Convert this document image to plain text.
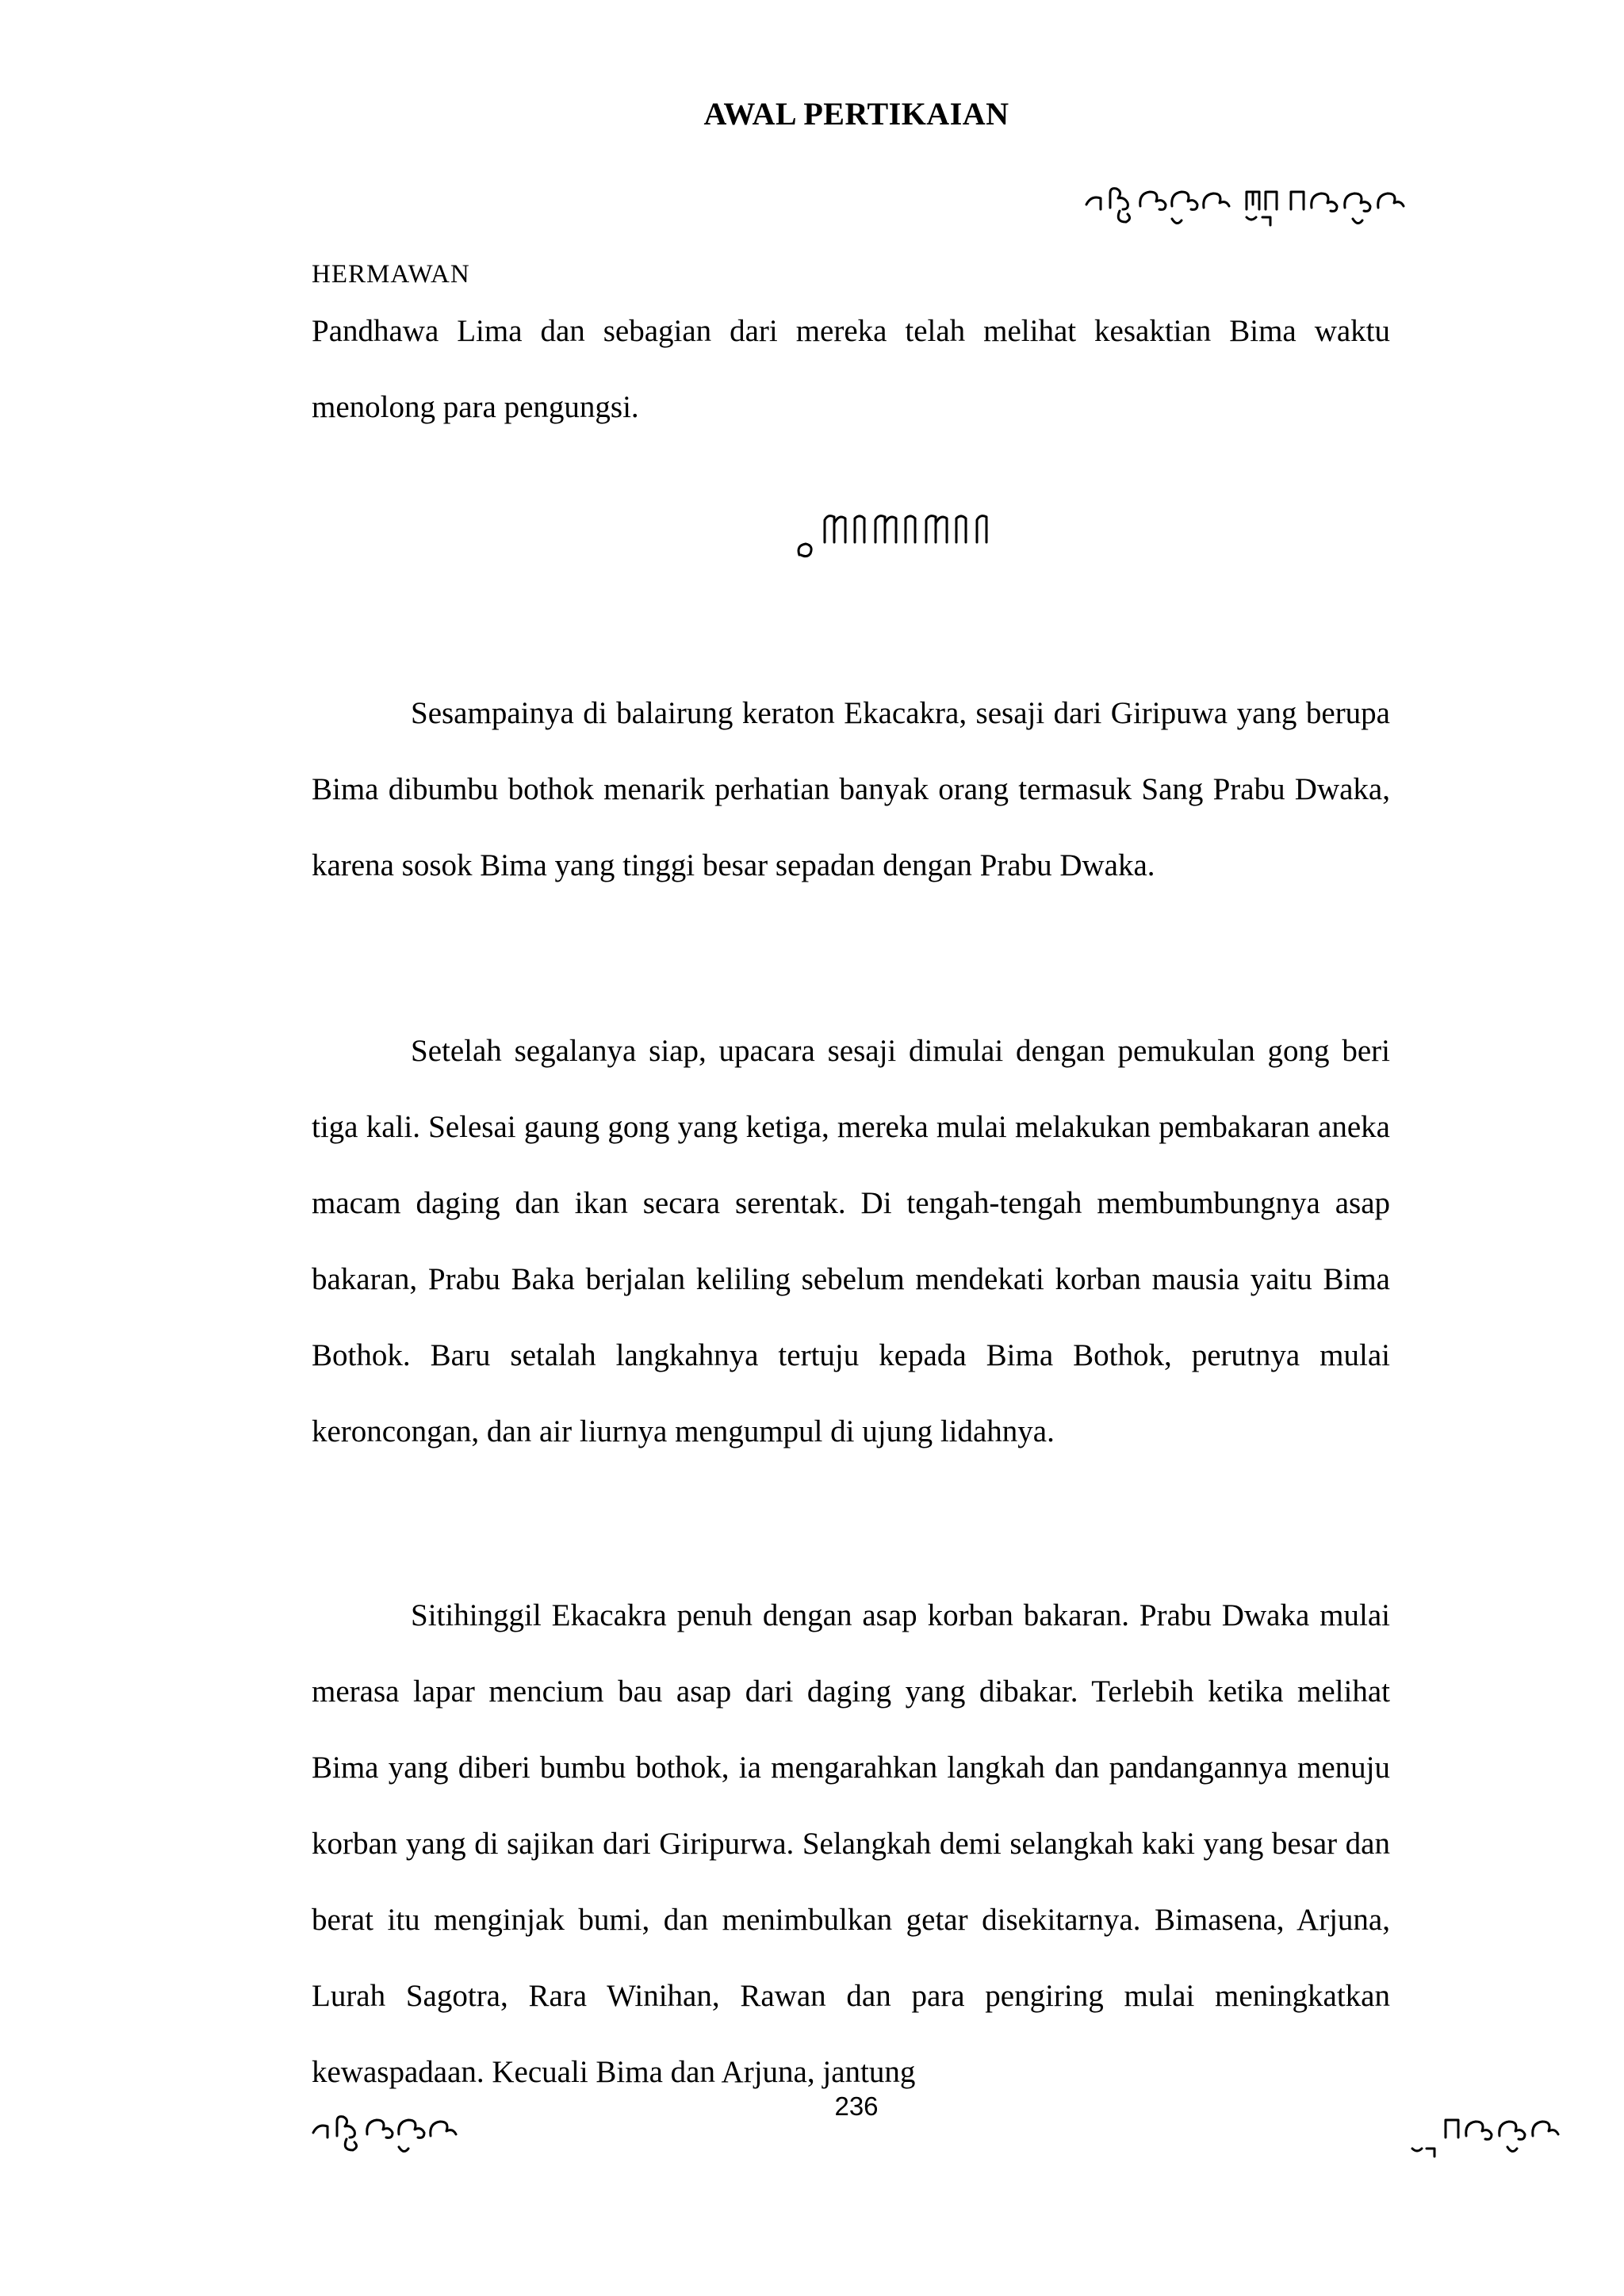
AWAL PERTIKAIAN
HERMAWAN
Pandhawa Lima dan sebagian dari mereka telah melihat kesaktian Bima waktu menolong para pengungsi.

Sesampainya di balairung keraton Ekacakra, sesaji dari Giripuwa yang berupa Bima dibumbu bothok menarik perhatian banyak orang termasuk Sang Prabu Dwaka, karena sosok Bima yang tinggi besar sepadan dengan Prabu Dwaka.

Setelah segalanya siap, upacara sesaji dimulai dengan pemukulan gong beri tiga kali. Selesai gaung gong yang ketiga, mereka mulai melakukan pembakaran aneka macam daging dan ikan secara serentak. Di tengah-tengah membumbungnya asap bakaran, Prabu Baka berjalan keliling sebelum mendekati korban mausia yaitu Bima Bothok. Baru setalah langkahnya tertuju kepada Bima Bothok, perutnya mulai keroncongan, dan air liurnya mengumpul di ujung lidahnya.

Sitihinggil Ekacakra penuh dengan asap korban bakaran. Prabu Dwaka mulai merasa lapar mencium bau asap dari daging yang dibakar. Terlebih ketika melihat Bima yang diberi bumbu bothok, ia mengarahkan langkah dan pandangannya menuju korban yang di sajikan dari Giripurwa. Selangkah demi selangkah kaki yang besar dan berat itu menginjak bumi, dan menimbulkan getar disekitarnya. Bimasena, Arjuna, Lurah Sagotra, Rara Winihan, Rawan dan para pengiring mulai meningkatkan kewaspadaan. Kecuali Bima dan Arjuna, jantung

236
